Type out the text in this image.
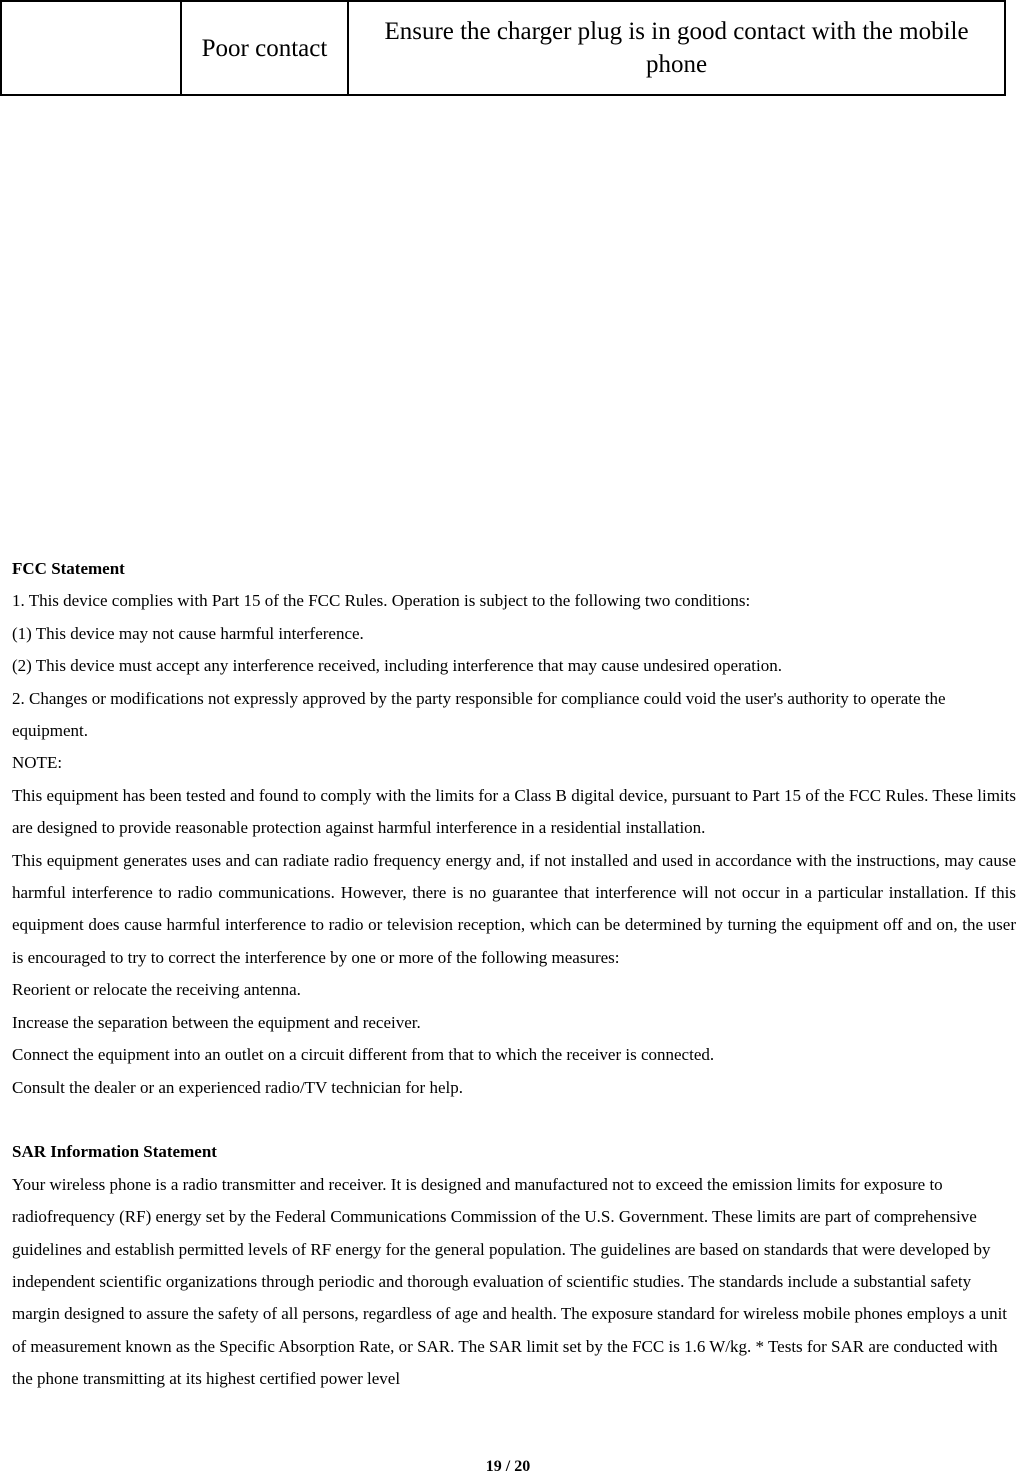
	Poor contact	Ensure the charger plug is in good contact with the mobile phone

FCC Statement

1. This device complies with Part 15 of the FCC Rules. Operation is subject to the following two conditions:

(1) This device may not cause harmful interference.

(2) This device must accept any interference received, including interference that may cause undesired operation.

2. Changes or modifications not expressly approved by the party responsible for compliance could void the user's authority to operate the equipment.

NOTE:

This equipment has been tested and found to comply with the limits for a Class B digital device, pursuant to Part 15 of the FCC Rules. These limits are designed to provide reasonable protection against harmful interference in a residential installation.

This equipment generates uses and can radiate radio frequency energy and, if not installed and used in accordance with the instructions, may cause harmful interference to radio communications. However, there is no guarantee that interference will not occur in a particular installation. If this equipment does cause harmful interference to radio or television reception, which can be determined by turning the equipment off and on, the user is encouraged to try to correct the interference by one or more of the following measures:

Reorient or relocate the receiving antenna.

Increase the separation between the equipment and receiver.

Connect the equipment into an outlet on a circuit different from that to which the receiver is connected.

Consult the dealer or an experienced radio/TV technician for help.

SAR Information Statement

Your wireless phone is a radio transmitter and receiver. It is designed and manufactured not to exceed the emission limits for exposure to radiofrequency (RF) energy set by the Federal Communications Commission of the U.S. Government. These limits are part of comprehensive guidelines and establish permitted levels of RF energy for the general population. The guidelines are based on standards that were developed by independent scientific organizations through periodic and thorough evaluation of scientific studies. The standards include a substantial safety margin designed to assure the safety of all persons, regardless of age and health. The exposure standard for wireless mobile phones employs a unit of measurement known as the Specific Absorption Rate, or SAR. The SAR limit set by the FCC is 1.6 W/kg. * Tests for SAR are conducted with the phone transmitting at its highest certified power level

19 / 20
